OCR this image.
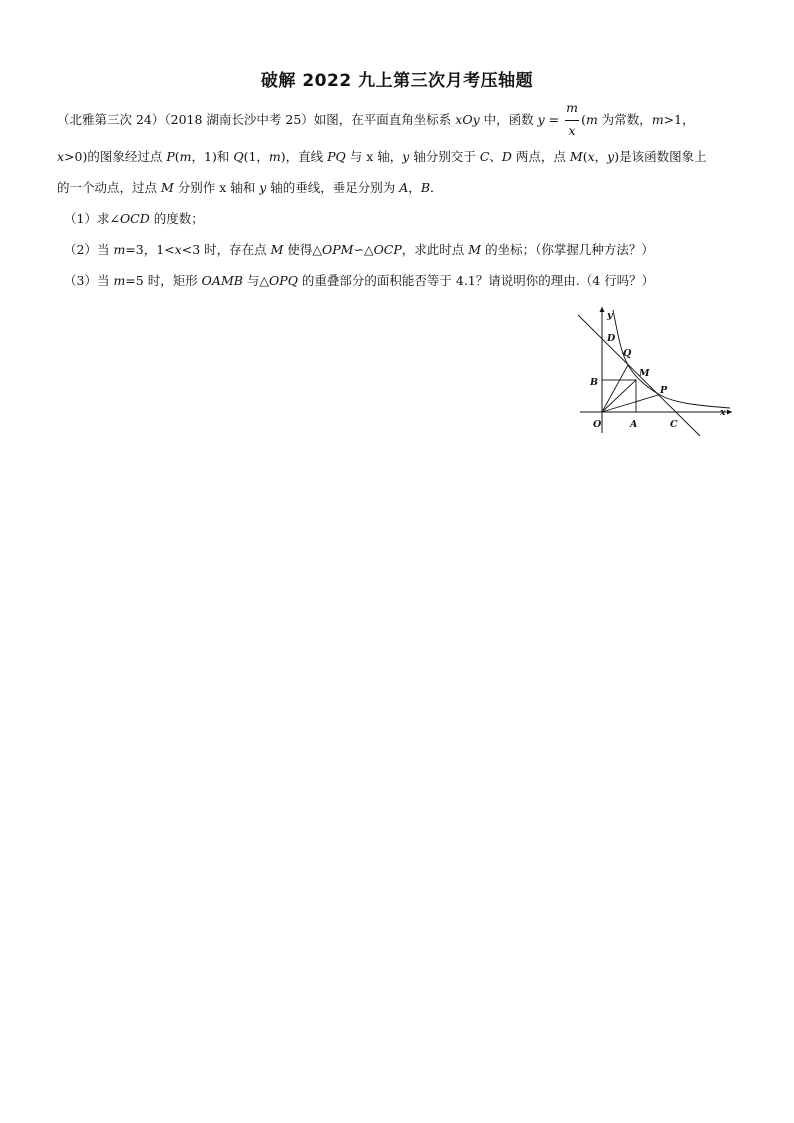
破解 2022 九上第三次月考压轴题
（北雅第三次 24）（2018 湖南长沙中考 25）如图，在平面直角坐标系 xOy 中，函数 $y = \frac{m}{x} (m$ 为常数，m>1，
x>0)的图象经过点 P(m，1)和 Q(1，m)，直线 PQ 与 x 轴，y 轴分别交于 C、D 两点，点 M(x，y)是该函数图象上
的一个动点，过点 M 分别作 x 轴和 y 轴的垂线，垂足分别为 A，B．
（1）求∠OCD 的度数；
（2）当 m=3，1<x<3 时，存在点 M 使得△OPM∽△OCP，求此时点 M 的坐标；（你掌握几种方法？）
（3）当 m=5 时，矩形 OAMB 与△OPQ 的重叠部分的面积能否等于 4.1？请说明你的理由.（4 行吗？）
y
x
O	A	C
B
D
Q
M
P
